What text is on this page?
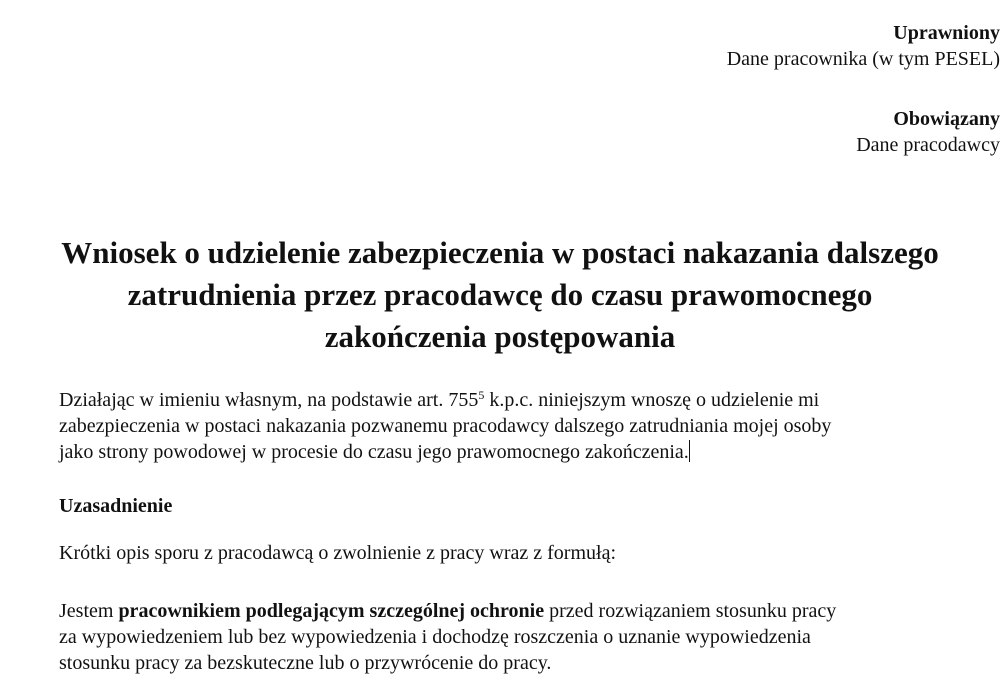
Uprawniony
Dane pracownika (w tym PESEL)
Obowiązany
Dane pracodawcy
Wniosek o udzielenie zabezpieczenia w postaci nakazania dalszego
zatrudnienia przez pracodawcę do czasu prawomocnego
zakończenia postępowania
Działając w imieniu własnym, na podstawie art. $755^5$ k.p.c. niniejszym wnoszę o udzielenie mi
zabezpieczenia w postaci nakazania pozwanemu pracodawcy dalszego zatrudniania mojej osoby
jako strony powodowej w procesie do czasu jego prawomocnego zakończenia.
Uzasadnienie
Krótki opis sporu z pracodawcą o zwolnienie z pracy wraz z formułą:
Jestem pracownikiem podlegającym szczególnej ochronie przed rozwiązaniem stosunku pracy
za wypowiedzeniem lub bez wypowiedzenia i dochodzę roszczenia o uznanie wypowiedzenia
stosunku pracy za bezskuteczne lub o przywrócenie do pracy.
